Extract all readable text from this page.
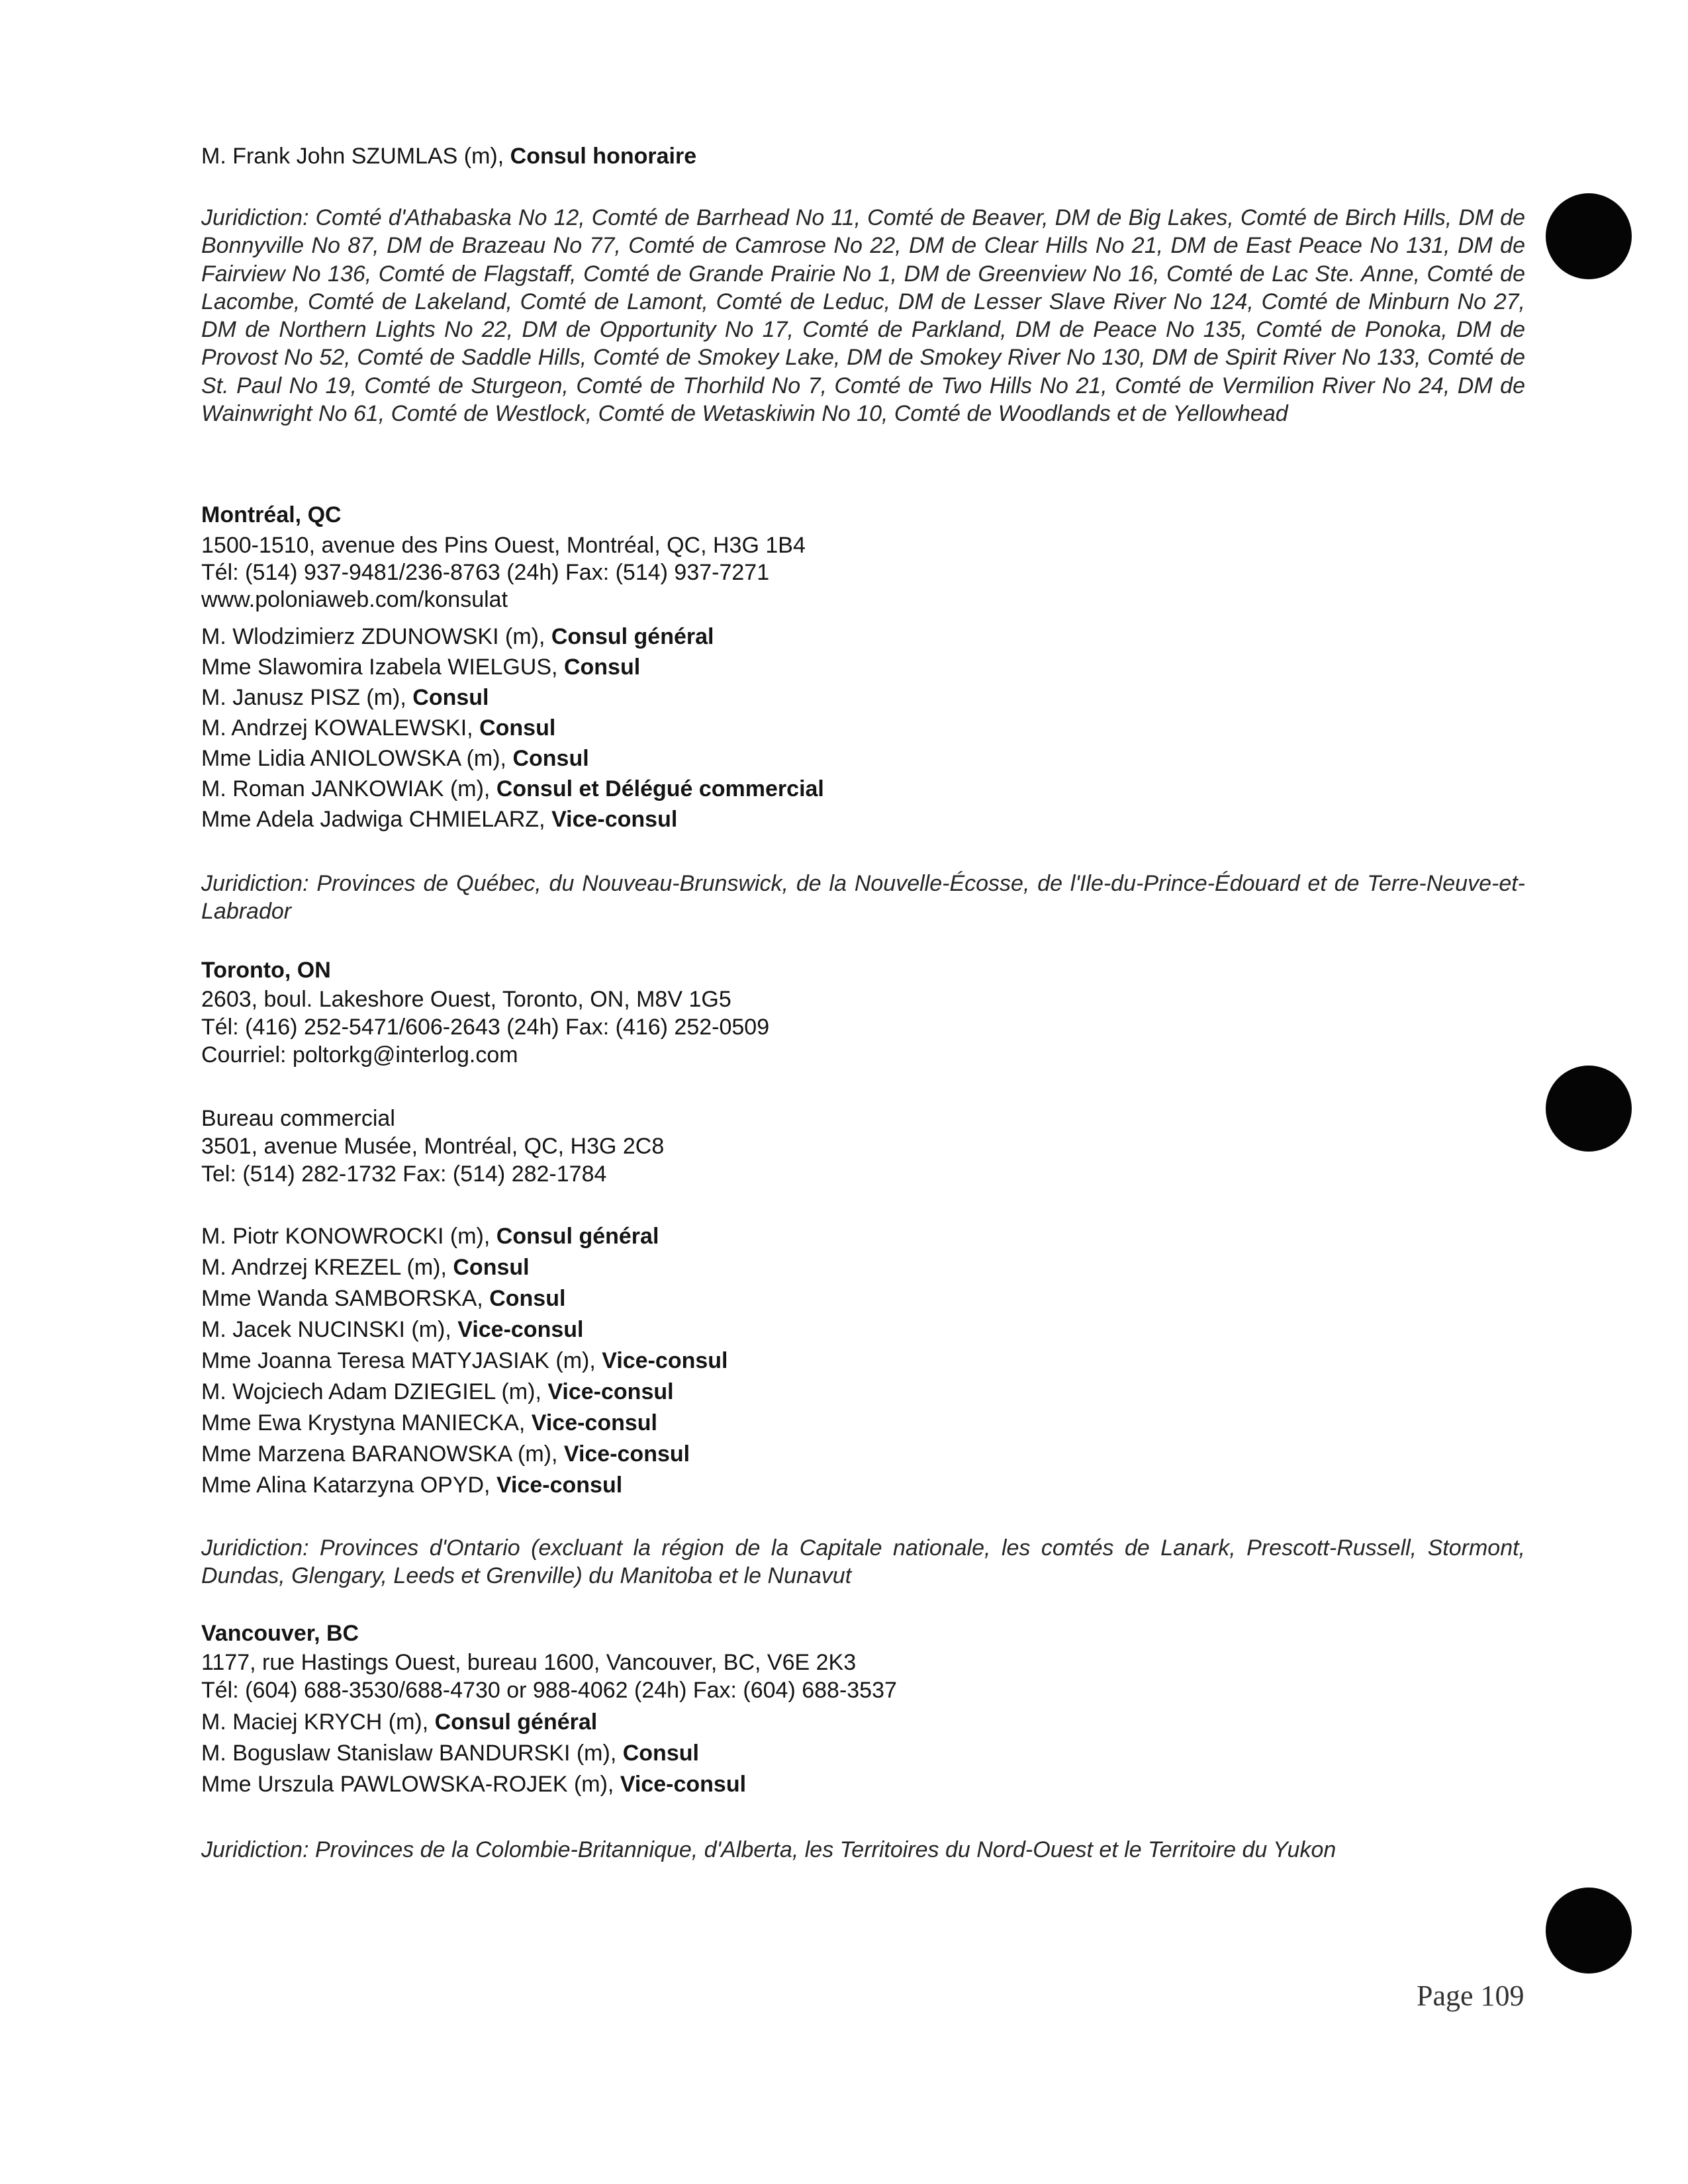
M. Frank John SZUMLAS (m), Consul honoraire
Juridiction: Comté d'Athabaska No 12, Comté de Barrhead No 11, Comté de Beaver, DM de Big Lakes, Comté de Birch Hills, DM de Bonnyville No 87, DM de Brazeau No 77, Comté de Camrose No 22, DM de Clear Hills No 21, DM de East Peace No 131, DM de Fairview No 136, Comté de Flagstaff, Comté de Grande Prairie No 1, DM de Greenview No 16, Comté de Lac Ste. Anne, Comté de Lacombe, Comté de Lakeland, Comté de Lamont, Comté de Leduc, DM de Lesser Slave River No 124, Comté de Minburn No 27, DM de Northern Lights No 22, DM de Opportunity No 17, Comté de Parkland, DM de Peace No 135, Comté de Ponoka, DM de Provost No 52, Comté de Saddle Hills, Comté de Smokey Lake, DM de Smokey River No 130, DM de Spirit River No 133, Comté de St. Paul No 19, Comté de Sturgeon, Comté de Thorhild No 7, Comté de Two Hills No 21, Comté de Vermilion River No 24, DM de Wainwright No 61, Comté de Westlock, Comté de Wetaskiwin No 10, Comté de Woodlands et de Yellowhead
Montréal, QC
1500-1510, avenue des Pins Ouest, Montréal, QC, H3G 1B4
Tél: (514) 937-9481/236-8763 (24h) Fax: (514) 937-7271
www.poloniaweb.com/konsulat
M. Wlodzimierz ZDUNOWSKI (m), Consul général
Mme Slawomira Izabela WIELGUS, Consul
M. Janusz PISZ (m), Consul
M. Andrzej KOWALEWSKI, Consul
Mme Lidia ANIOLOWSKA (m), Consul
M. Roman JANKOWIAK (m), Consul et Délégué commercial
Mme Adela Jadwiga CHMIELARZ, Vice-consul
Juridiction: Provinces de Québec, du Nouveau-Brunswick, de la Nouvelle-Écosse, de l'Ile-du-Prince-Édouard et de Terre-Neuve-et-Labrador
Toronto, ON
2603, boul. Lakeshore Ouest, Toronto, ON, M8V 1G5
Tél: (416) 252-5471/606-2643 (24h) Fax: (416) 252-0509
Courriel: poltorkg@interlog.com
Bureau commercial
3501, avenue Musée, Montréal, QC, H3G 2C8
Tel: (514) 282-1732 Fax: (514) 282-1784
M. Piotr KONOWROCKI (m), Consul général
M. Andrzej KREZEL (m), Consul
Mme Wanda SAMBORSKA, Consul
M. Jacek NUCINSKI (m), Vice-consul
Mme Joanna Teresa MATYJASIAK (m), Vice-consul
M. Wojciech Adam DZIEGIEL (m), Vice-consul
Mme Ewa Krystyna MANIECKA, Vice-consul
Mme Marzena BARANOWSKA (m), Vice-consul
Mme Alina Katarzyna OPYD, Vice-consul
Juridiction: Provinces d'Ontario (excluant la région de la Capitale nationale, les comtés de Lanark, Prescott-Russell, Stormont, Dundas, Glengary, Leeds et Grenville) du Manitoba et le Nunavut
Vancouver, BC
1177, rue Hastings Ouest, bureau 1600, Vancouver, BC, V6E 2K3
Tél: (604) 688-3530/688-4730 or 988-4062 (24h) Fax: (604) 688-3537
M. Maciej KRYCH (m), Consul général
M. Boguslaw Stanislaw BANDURSKI (m), Consul
Mme Urszula PAWLOWSKA-ROJEK (m), Vice-consul
Juridiction: Provinces de la Colombie-Britannique, d'Alberta, les Territoires du Nord-Ouest et le Territoire du Yukon
Page 109
